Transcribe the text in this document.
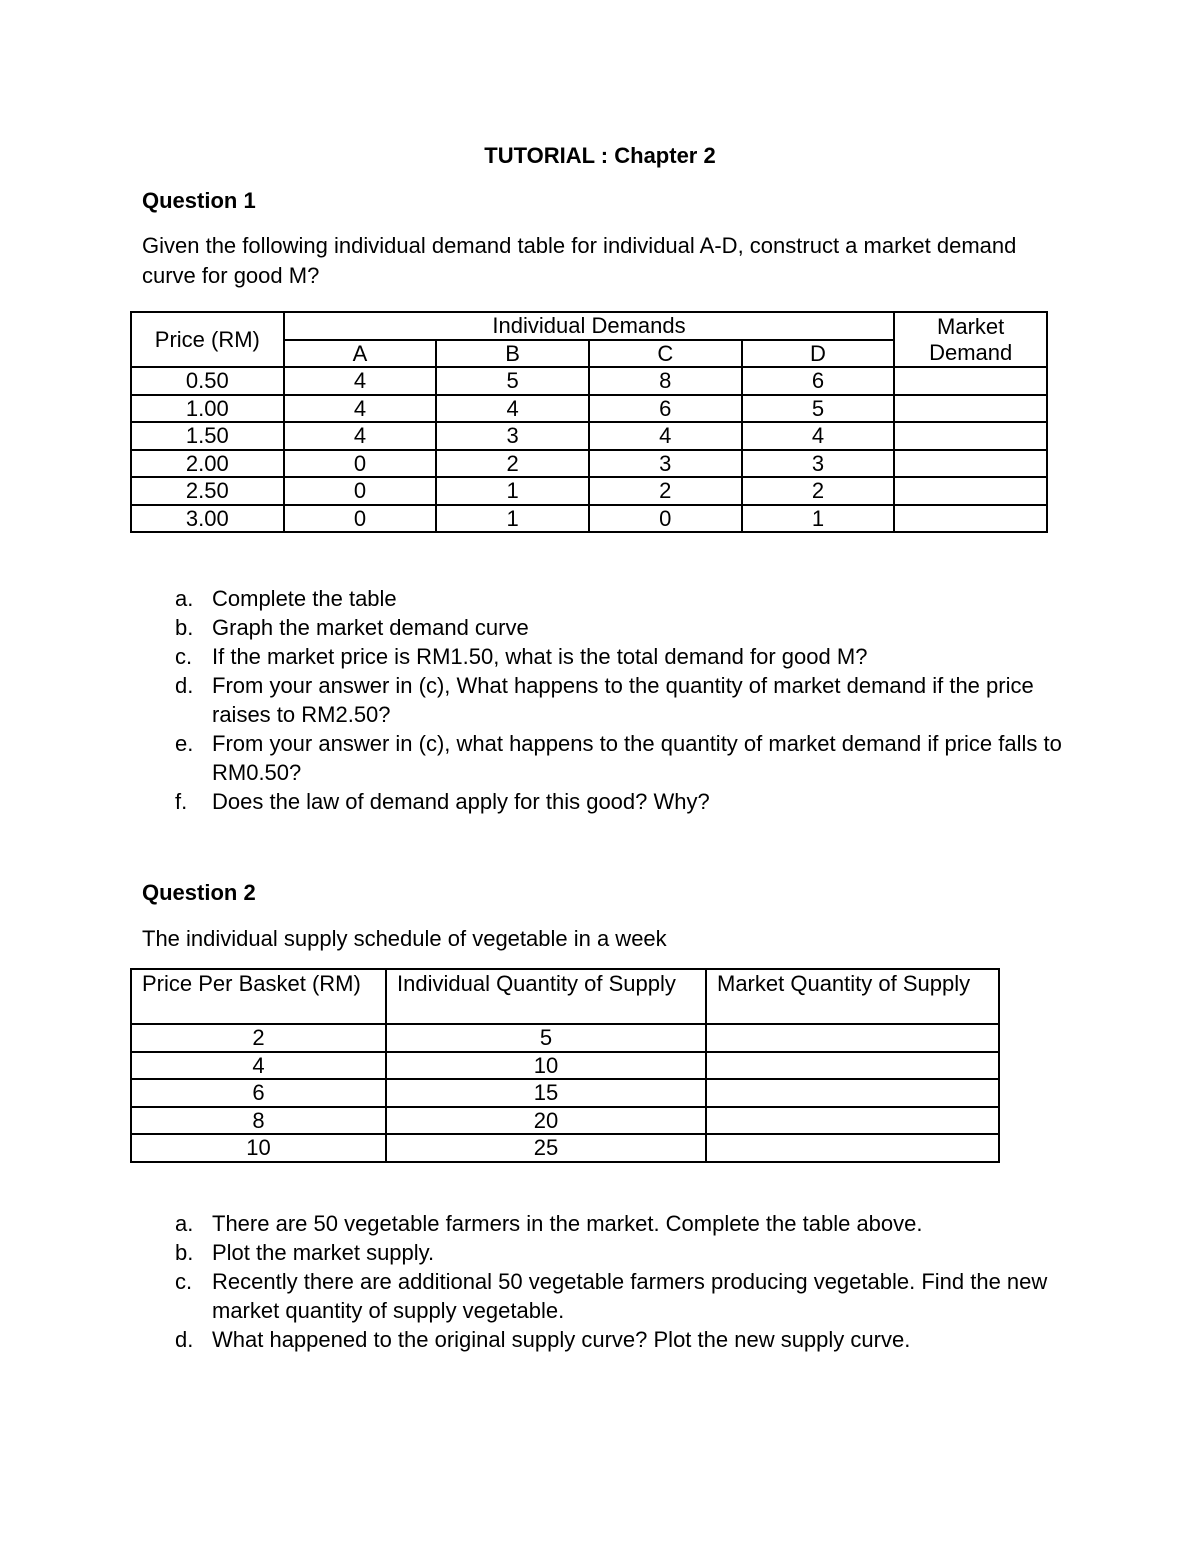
TUTORIAL : Chapter 2
Question 1
Given the following individual demand table for individual A-D, construct a market demand curve for good M?
Price (RM)	Individual Demands				Market Demand
	A	B	C	D	
0.50	4	5	8	6	
1.00	4	4	6	5	
1.50	4	3	4	4	
2.00	0	2	3	3	
2.50	0	1	2	2	
3.00	0	1	0	1	
a. Complete the table
b. Graph the market demand curve
c. If the market price is RM1.50, what is the total demand for good M?
d. From your answer in (c), What happens to the quantity of market demand if the price raises to RM2.50?
e. From your answer in (c), what happens to the quantity of market demand if price falls to RM0.50?
f. Does the law of demand apply for this good? Why?
Question 2
The individual supply schedule of vegetable in a week
Price Per Basket (RM)	Individual Quantity of Supply	Market Quantity of Supply
2	5	
4	10	
6	15	
8	20	
10	25	
a. There are 50 vegetable farmers in the market. Complete the table above.
b. Plot the market supply.
c. Recently there are additional 50 vegetable farmers producing vegetable. Find the new market quantity of supply vegetable.
d. What happened to the original supply curve? Plot the new supply curve.
